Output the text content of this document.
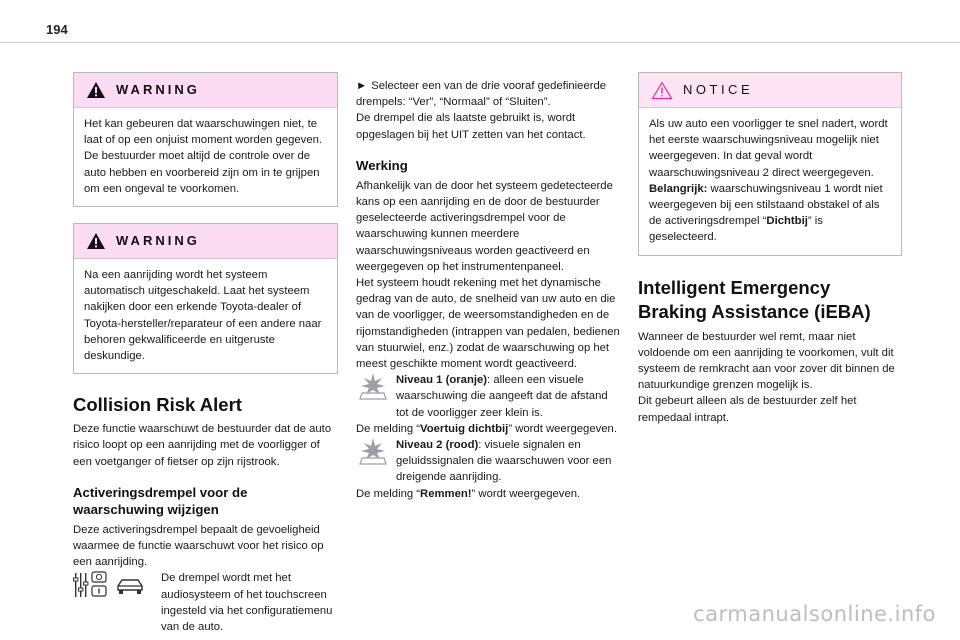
194
WARNING

Het kan gebeuren dat waarschuwingen niet, te laat of op een onjuist moment worden gegeven. De bestuurder moet altijd de controle over de auto hebben en voorbereid zijn om in te grijpen om een ongeval te voorkomen.

WARNING

Na een aanrijding wordt het systeem automatisch uitgeschakeld. Laat het systeem nakijken door een erkende Toyota-dealer of Toyota-hersteller/reparateur of een andere naar behoren gekwalificeerde en uitgeruste deskundige.

Collision Risk Alert

Deze functie waarschuwt de bestuurder dat de auto risico loopt op een aanrijding met de voorligger of een voetganger of fietser op zijn rijstrook.

Activeringsdrempel voor de waarschuwing wijzigen

Deze activeringsdrempel bepaalt de gevoeligheid waarmee de functie waarschuwt voor het risico op een aanrijding.

De drempel wordt met het audiosysteem of het touchscreen ingesteld via het configuratiemenu van de auto.

► Selecteer een van de drie vooraf gedefinieerde drempels: “Ver”, “Normaal” of “Sluiten”.

De drempel die als laatste gebruikt is, wordt opgeslagen bij het UIT zetten van het contact.

Werking

Afhankelijk van de door het systeem gedetecteerde kans op een aanrijding en de door de bestuurder geselecteerde activeringsdrempel voor de waarschuwing kunnen meerdere waarschuwingsniveaus worden geactiveerd en weergegeven op het instrumentenpaneel.

Het systeem houdt rekening met het dynamische gedrag van de auto, de snelheid van uw auto en die van de voorligger, de weersomstandigheden en de rijomstandigheden (intrappen van pedalen, bedienen van stuurwiel, enz.) zodat de waarschuwing op het meest geschikte moment wordt geactiveerd.

Niveau 1 (oranje): alleen een visuele waarschuwing die aangeeft dat de afstand tot de voorligger zeer klein is.

De melding “Voertuig dichtbij” wordt weergegeven.

Niveau 2 (rood): visuele signalen en geluidssignalen die waarschuwen voor een dreigende aanrijding.

De melding “Remmen!” wordt weergegeven.

NOTICE

Als uw auto een voorligger te snel nadert, wordt het eerste waarschuwingsniveau mogelijk niet weergegeven. In dat geval wordt waarschuwingsniveau 2 direct weergegeven.

Belangrijk: waarschuwingsniveau 1 wordt niet weergegeven bij een stilstaand obstakel of als de activeringsdrempel “Dichtbij” is geselecteerd.

Intelligent Emergency Braking Assistance (iEBA)

Wanneer de bestuurder wel remt, maar niet voldoende om een aanrijding te voorkomen, vult dit systeem de remkracht aan voor zover dit binnen de natuurkundige grenzen mogelijk is.

Dit gebeurt alleen als de bestuurder zelf het rempedaal intrapt.

carmanualsonline.info
